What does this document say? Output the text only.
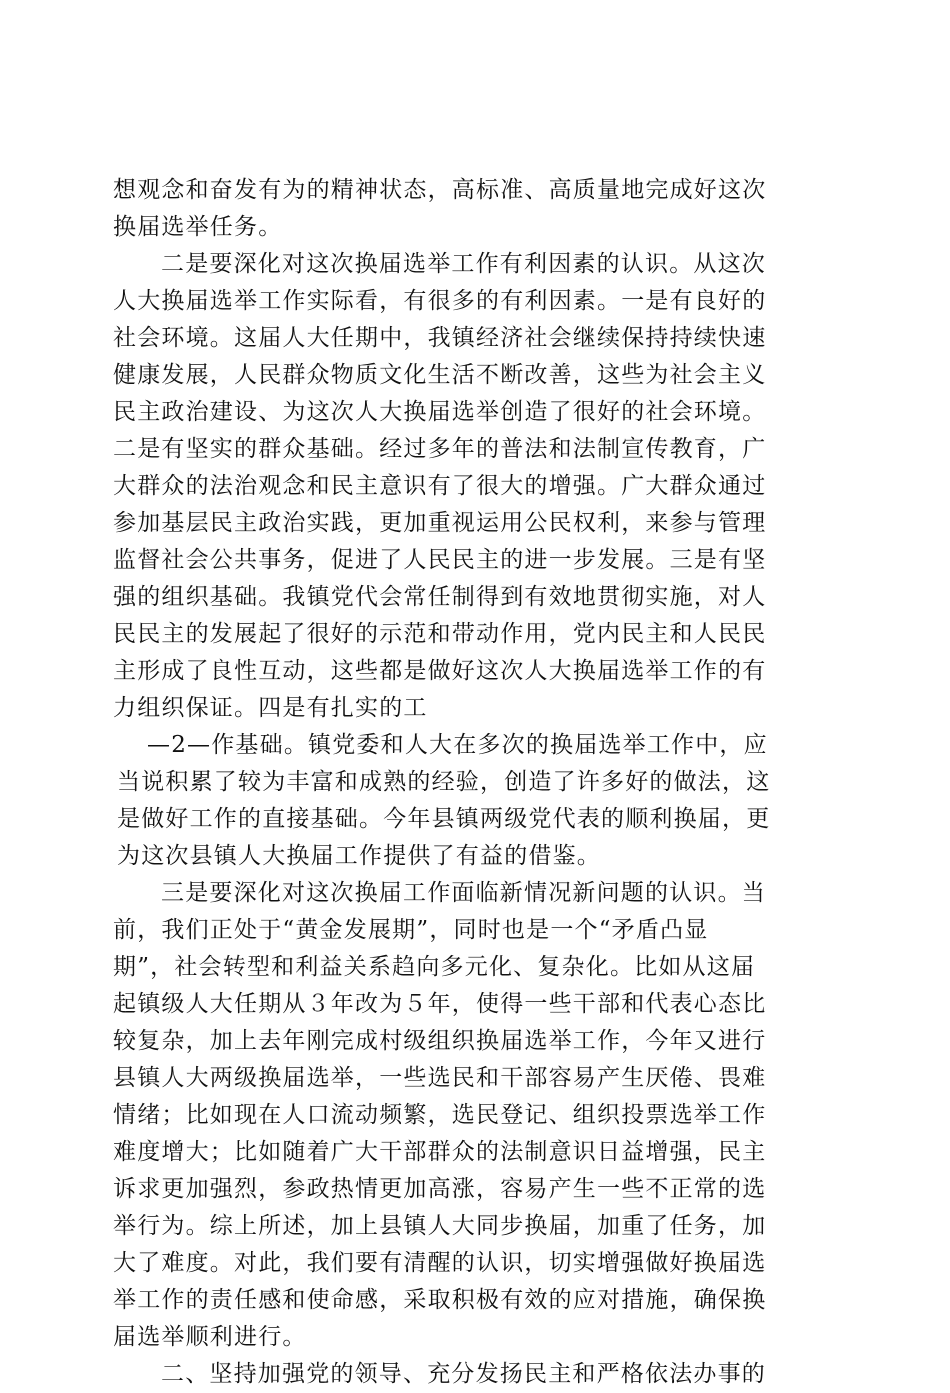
想观念和奋发有为的精神状态，高标准、高质量地完成好这次
换届选举任务。
二是要深化对这次换届选举工作有利因素的认识。从这次
人大换届选举工作实际看，有很多的有利因素。一是有良好的
社会环境。这届人大任期中，我镇经济社会继续保持持续快速
健康发展，人民群众物质文化生活不断改善，这些为社会主义
民主政治建设、为这次人大换届选举创造了很好的社会环境。
二是有坚实的群众基础。经过多年的普法和法制宣传教育，广
大群众的法治观念和民主意识有了很大的增强。广大群众通过
参加基层民主政治实践，更加重视运用公民权利，来参与管理
监督社会公共事务，促进了人民民主的进一步发展。三是有坚
强的组织基础。我镇党代会常任制得到有效地贯彻实施，对人
民民主的发展起了很好的示范和带动作用，党内民主和人民民
主形成了良性互动，这些都是做好这次人大换届选举工作的有
力组织保证。四是有扎实的工
—2—作基础。镇党委和人大在多次的换届选举工作中，应
当说积累了较为丰富和成熟的经验，创造了许多好的做法，这
是做好工作的直接基础。今年县镇两级党代表的顺利换届，更
为这次县镇人大换届工作提供了有益的借鉴。
三是要深化对这次换届工作面临新情况新问题的认识。当
前，我们正处于“黄金发展期”，同时也是一个“矛盾凸显
期”，社会转型和利益关系趋向多元化、复杂化。比如从这届
起镇级人大任期从３年改为５年，使得一些干部和代表心态比
较复杂，加上去年刚完成村级组织换届选举工作，今年又进行
县镇人大两级换届选举，一些选民和干部容易产生厌倦、畏难
情绪；比如现在人口流动频繁，选民登记、组织投票选举工作
难度增大；比如随着广大干部群众的法制意识日益增强，民主
诉求更加强烈，参政热情更加高涨，容易产生一些不正常的选
举行为。综上所述，加上县镇人大同步换届，加重了任务，加
大了难度。对此，我们要有清醒的认识，切实增强做好换届选
举工作的责任感和使命感，采取积极有效的应对措施，确保换
届选举顺利进行。
二、坚持加强党的领导、充分发扬民主和严格依法办事的
